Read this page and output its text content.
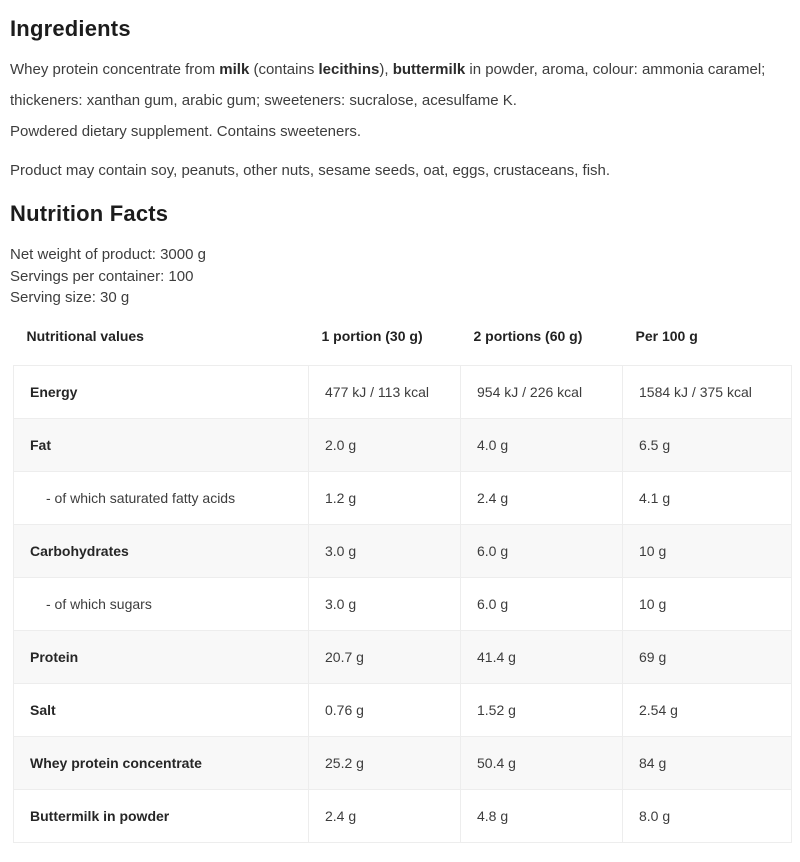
Ingredients

Whey protein concentrate from milk (contains lecithins), buttermilk in powder, aroma, colour: ammonia caramel; thickeners: xanthan gum, arabic gum; sweeteners: sucralose, acesulfame K.

Powdered dietary supplement. Contains sweeteners.

Product may contain soy, peanuts, other nuts, sesame seeds, oat, eggs, crustaceans, fish.

Nutrition Facts

Net weight of product: 3000 g

Servings per container: 100

Serving size: 30 g

Nutritional values	1 portion (30 g)	2 portions (60 g)	Per 100 g
Energy	477 kJ / 113 kcal	954 kJ / 226 kcal	1584 kJ / 375 kcal
Fat	2.0 g	4.0 g	6.5 g
- of which saturated fatty acids	1.2 g	2.4 g	4.1 g
Carbohydrates	3.0 g	6.0 g	10 g
- of which sugars	3.0 g	6.0 g	10 g
Protein	20.7 g	41.4 g	69 g
Salt	0.76 g	1.52 g	2.54 g
Whey protein concentrate	25.2 g	50.4 g	84 g
Buttermilk in powder	2.4 g	4.8 g	8.0 g
